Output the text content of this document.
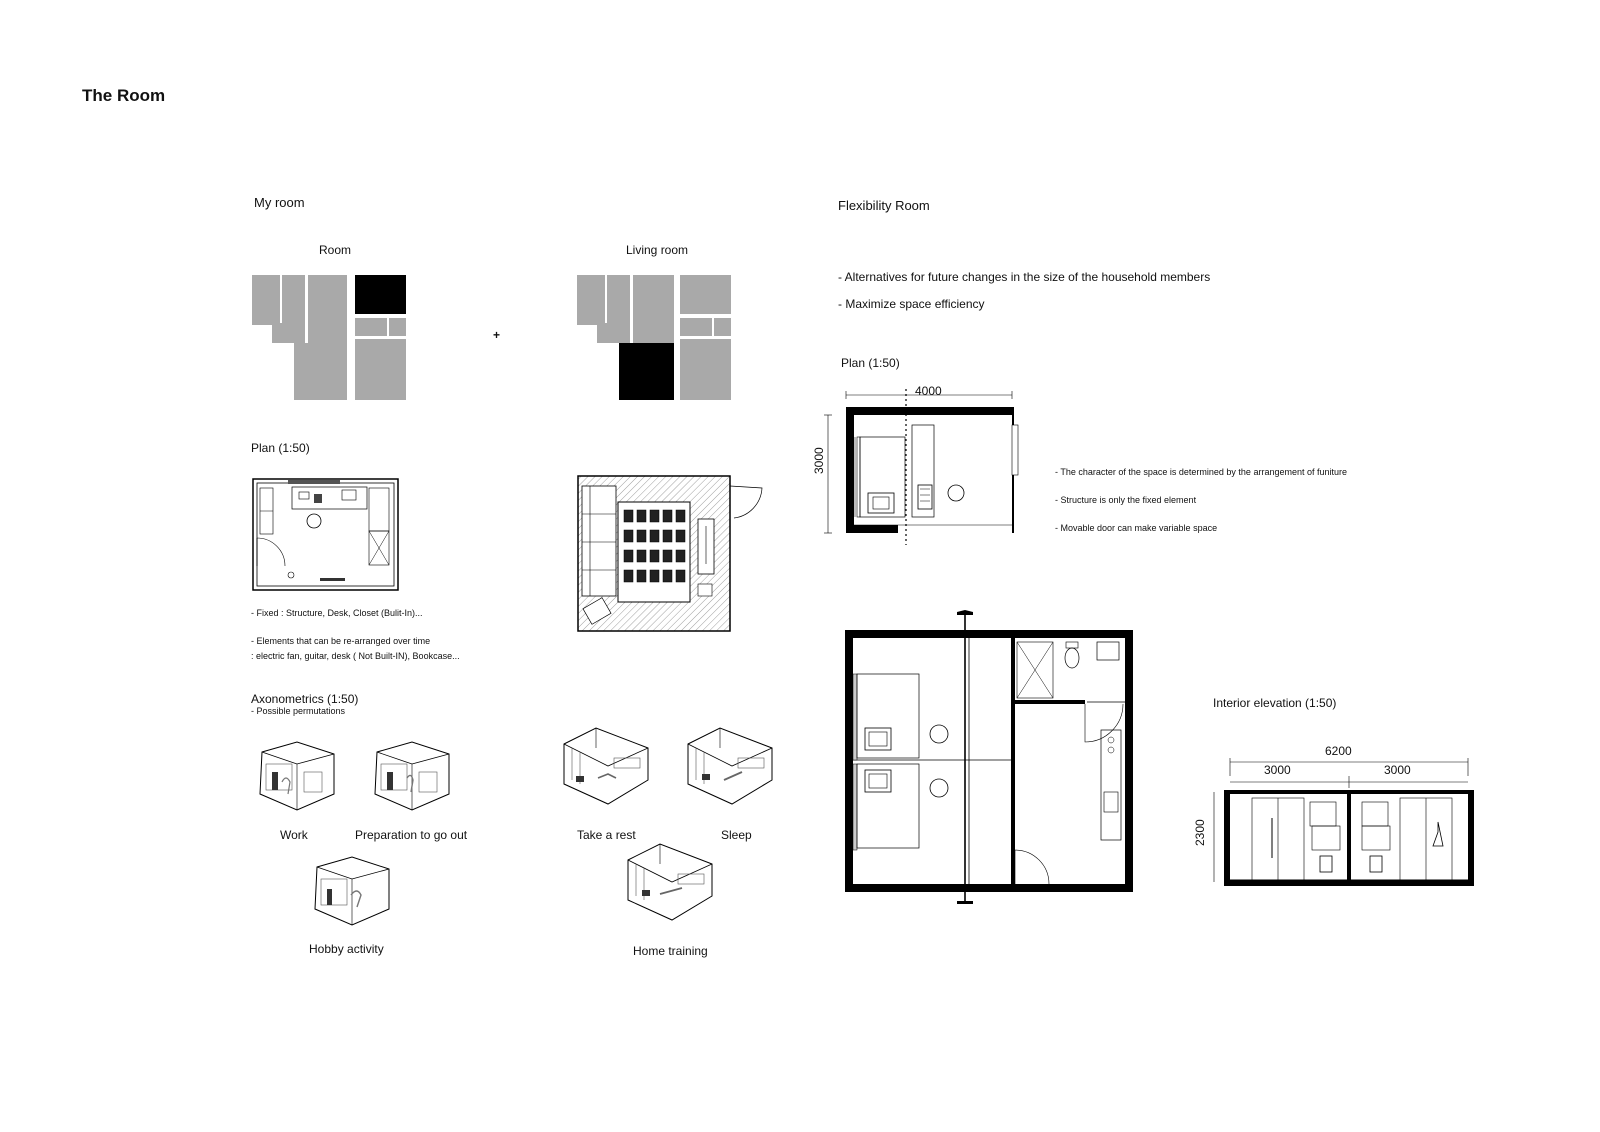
The Room
My room
Room	Living room
+
Plan (1:50)
- Fixed : Structure, Desk, Closet (Bulit-In)...
- Elements that can be re-arranged over time
: electric fan, guitar, desk ( Not Built-IN), Bookcase...
Axonometrics (1:50)
- Possible permutations
Work	Preparation to go out
Hobby activity
Take a rest	Sleep
Home training
Flexibility Room
- Alternatives for future changes in the size of the household members
- Maximize space efficiency
Plan (1:50)
4000
3000	- The character of the space is determined by the arrangement of funiture
- Structure is only the fixed element
- Movable door can make variable space
Interior elevation (1:50)
6200
3000	3000
2300
